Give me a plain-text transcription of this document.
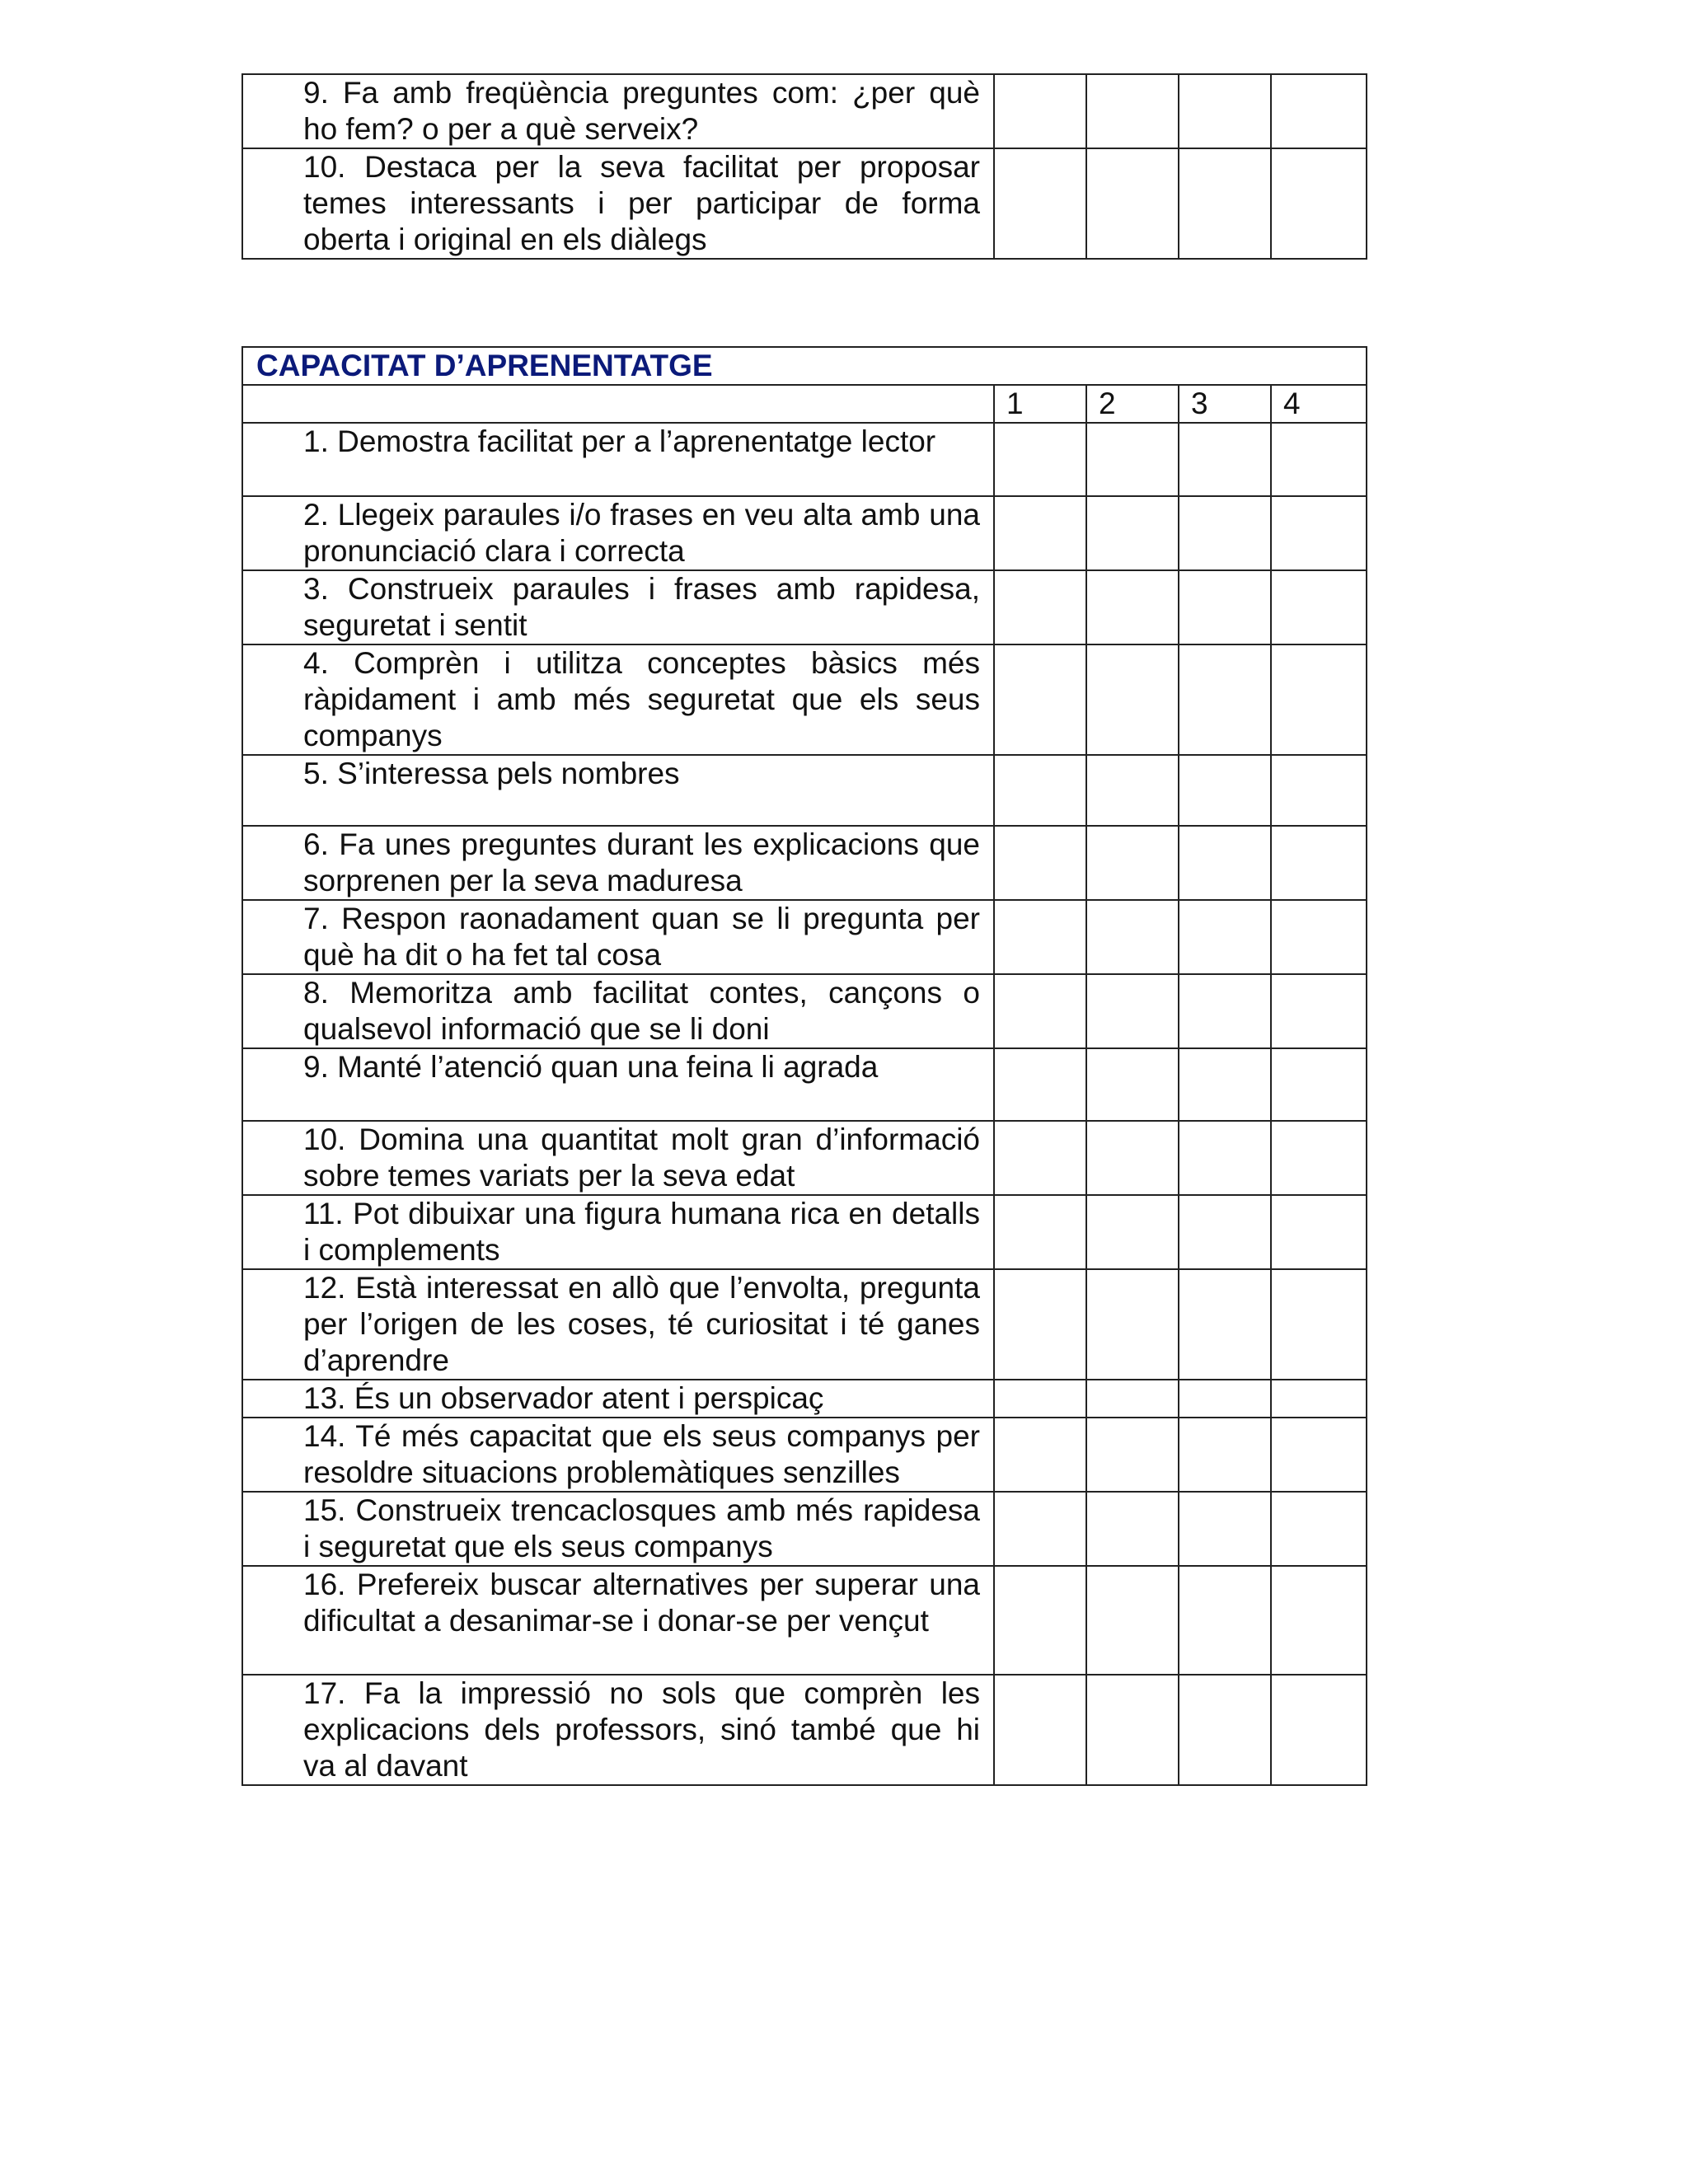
9. Fa amb freqüència preguntes com: ¿per què ho fem? o per a què serveix?				
10. Destaca per la seva facilitat per proposar temes interessants i per participar de forma oberta i original en els diàlegs				
CAPACITAT D’APRENENTATGE				
	1	2	3	4
1. Demostra facilitat per a l’aprenentatge lector				
2. Llegeix paraules i/o frases en veu alta amb una pronunciació clara i correcta				
3. Construeix paraules i frases amb rapidesa, seguretat i sentit				
4. Comprèn i utilitza conceptes bàsics més ràpidament i amb més seguretat que els seus companys				
5. S’interessa pels nombres				
6. Fa unes preguntes durant les explicacions que sorprenen per la seva maduresa				
7. Respon raonadament quan se li pregunta per què ha dit o ha fet tal cosa				
8. Memoritza amb facilitat contes, cançons o qualsevol informació que se li doni				
9. Manté l’atenció quan una feina li agrada				
10. Domina una quantitat molt gran d’informació sobre temes variats per la seva edat				
11. Pot dibuixar una figura humana rica en detalls i complements				
12. Està interessat en allò que l’envolta, pregunta per l’origen de les coses, té curiositat i té ganes d’aprendre				
13. És un observador atent i perspicaç				
14. Té més capacitat que els seus companys per resoldre situacions problemàtiques senzilles				
15. Construeix trencaclosques amb més rapidesa i seguretat que els seus companys				
16. Prefereix buscar alternatives per superar una dificultat a desanimar-se i donar-se per vençut				
17. Fa la impressió no sols que comprèn les explicacions dels professors, sinó també que hi va al davant				
